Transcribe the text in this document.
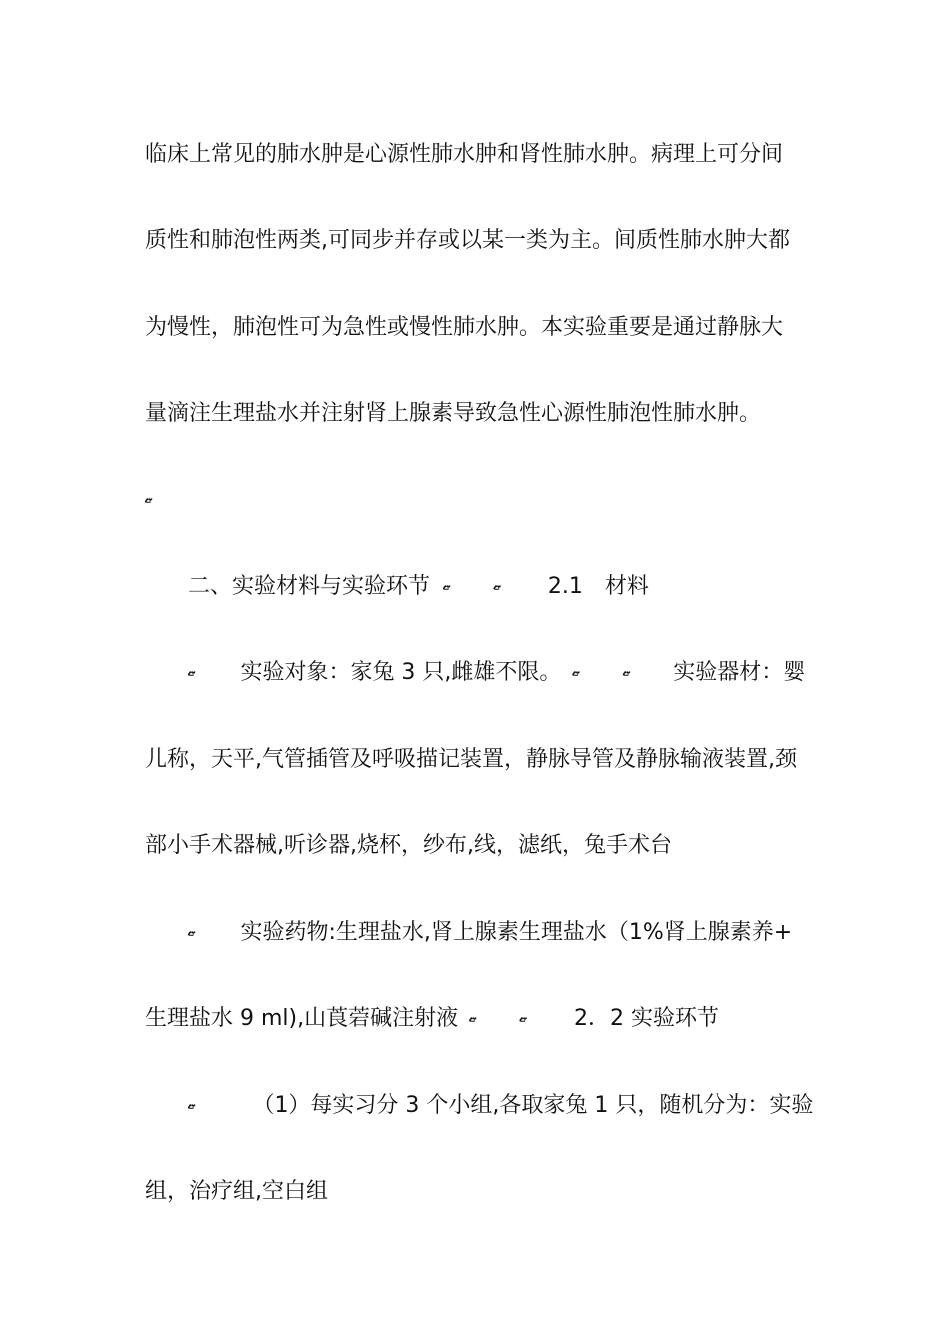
临床上常见的肺水肿是心源性肺水肿和肾性肺水肿。病理上可分间
质性和肺泡性两类,可同步并存或以某一类为主。间质性肺水肿大都
为慢性，肺泡性可为急性或慢性肺水肿。本实验重要是通过静脉大
量滴注生理盐水并注射肾上腺素导致急性心源性肺泡性肺水肿。
ޏ
二、实验材料与实验环节 ޏ	ޏ 2.1　材料
ޏ 实验对象：家兔 3 只,雌雄不限。 ޏ	ޏ 实验器材：婴
儿称，天平,气管插管及呼吸描记装置，静脉导管及静脉输液装置,颈
部小手术器械,听诊器,烧杯，纱布,线，滤纸，兔手术台
ޏ 实验药物:生理盐水,肾上腺素生理盐水（1%肾上腺素养+
生理盐水 9 ml),山莨菪碱注射液 ޏ	ޏ 2．2 实验环节
ޏ	（1）每实习分 3 个小组,各取家兔 1 只，随机分为：实验
组，治疗组,空白组
